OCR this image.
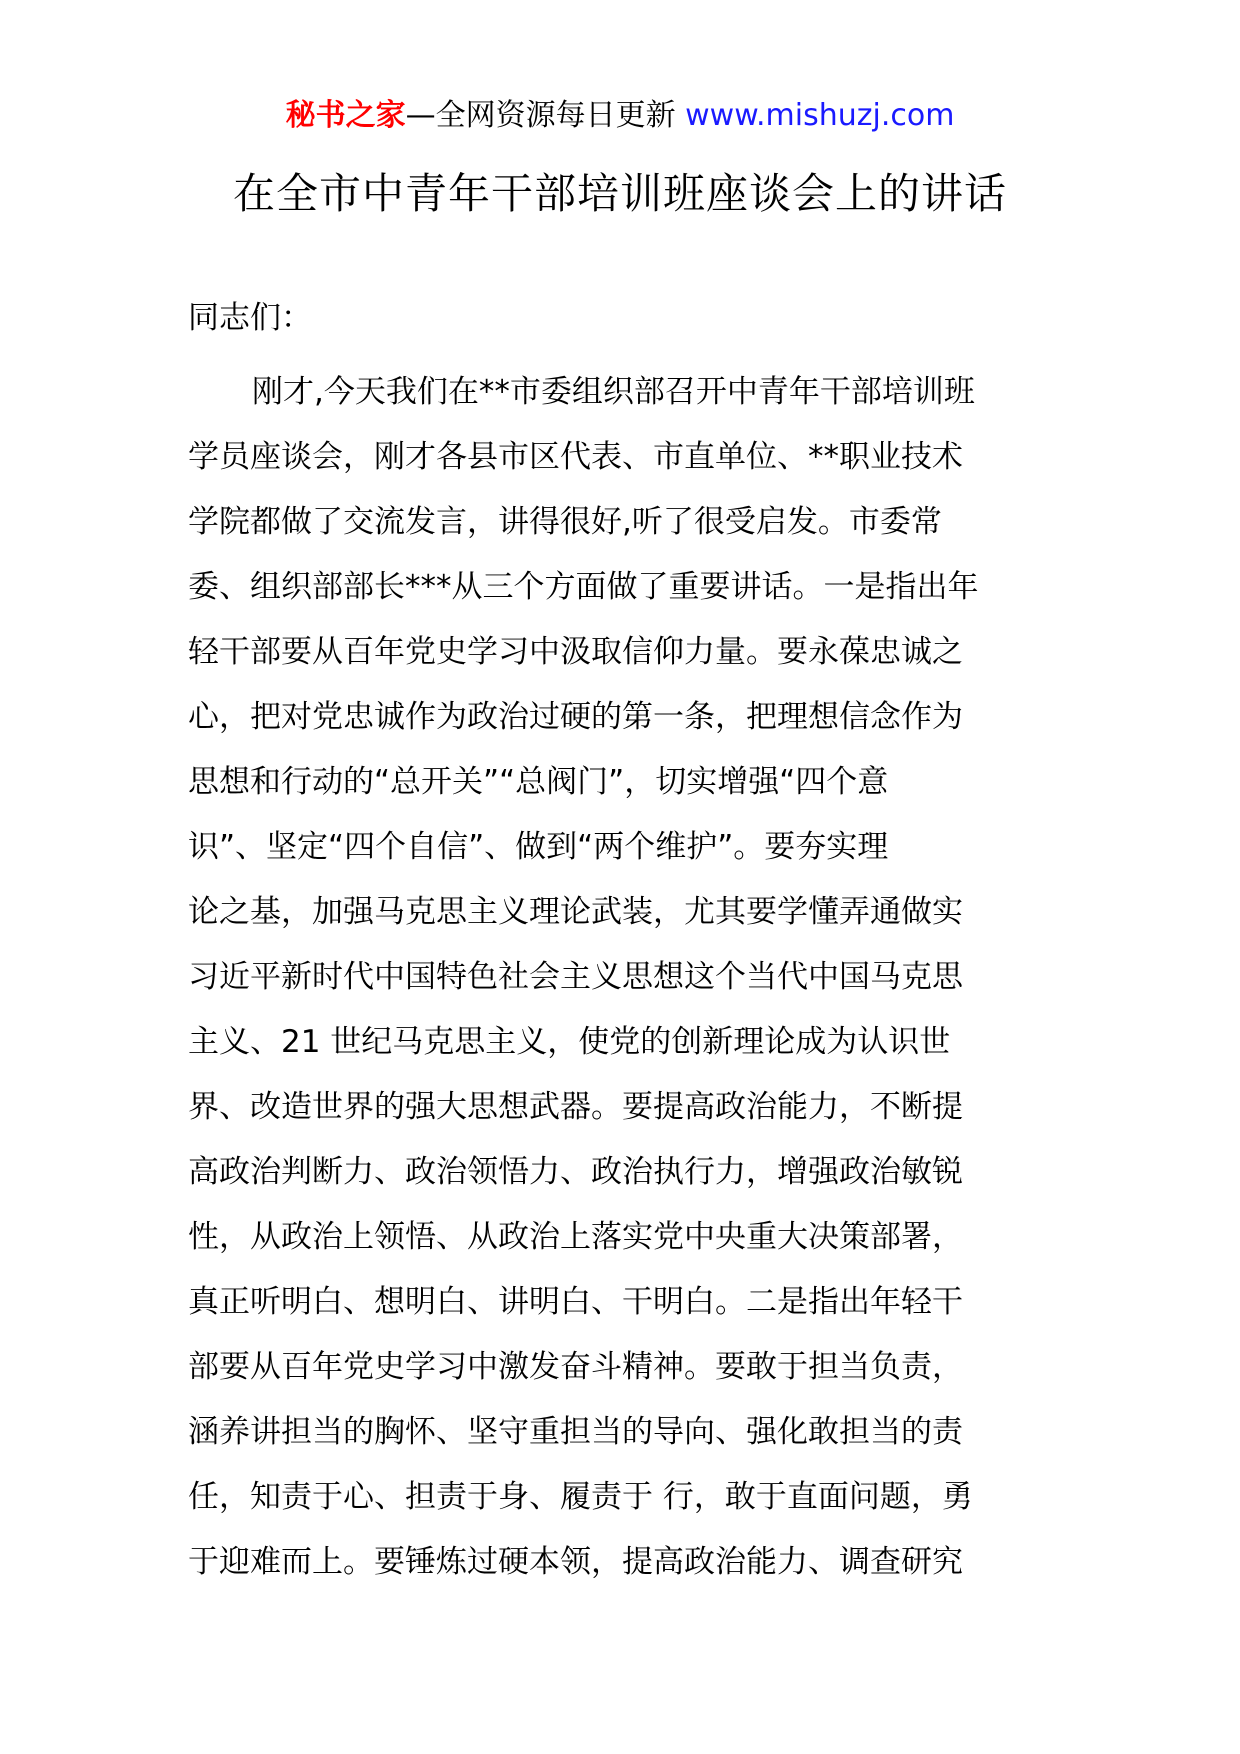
秘书之家—全网资源每日更新 www.mishuzj.com
在全市中青年干部培训班座谈会上的讲话

同志们：

刚才,今天我们在**市委组织部召开中青年干部培训班
学员座谈会，刚才各县市区代表、市直单位、**职业技术
学院都做了交流发言，讲得很好,听了很受启发。市委常
委、组织部部长***从三个方面做了重要讲话。一是指出年
轻干部要从百年党史学习中汲取信仰力量。要永葆忠诚之
心，把对党忠诚作为政治过硬的第一条，把理想信念作为
思想和行动的“总开关”“总阀门”，切实增强“四个意
识”、坚定“四个自信”、做到“两个维护”。要夯实理
论之基，加强马克思主义理论武装，尤其要学懂弄通做实
习近平新时代中国特色社会主义思想这个当代中国马克思
主义、21 世纪马克思主义，使党的创新理论成为认识世
界、改造世界的强大思想武器。要提高政治能力，不断提
高政治判断力、政治领悟力、政治执行力，增强政治敏锐
性，从政治上领悟、从政治上落实党中央重大决策部署，
真正听明白、想明白、讲明白、干明白。二是指出年轻干
部要从百年党史学习中激发奋斗精神。要敢于担当负责，
涵养讲担当的胸怀、坚守重担当的导向、强化敢担当的责
任，知责于心、担责于身、履责于 行，敢于直面问题，勇
于迎难而上。要锤炼过硬本领，提高政治能力、调查研究
